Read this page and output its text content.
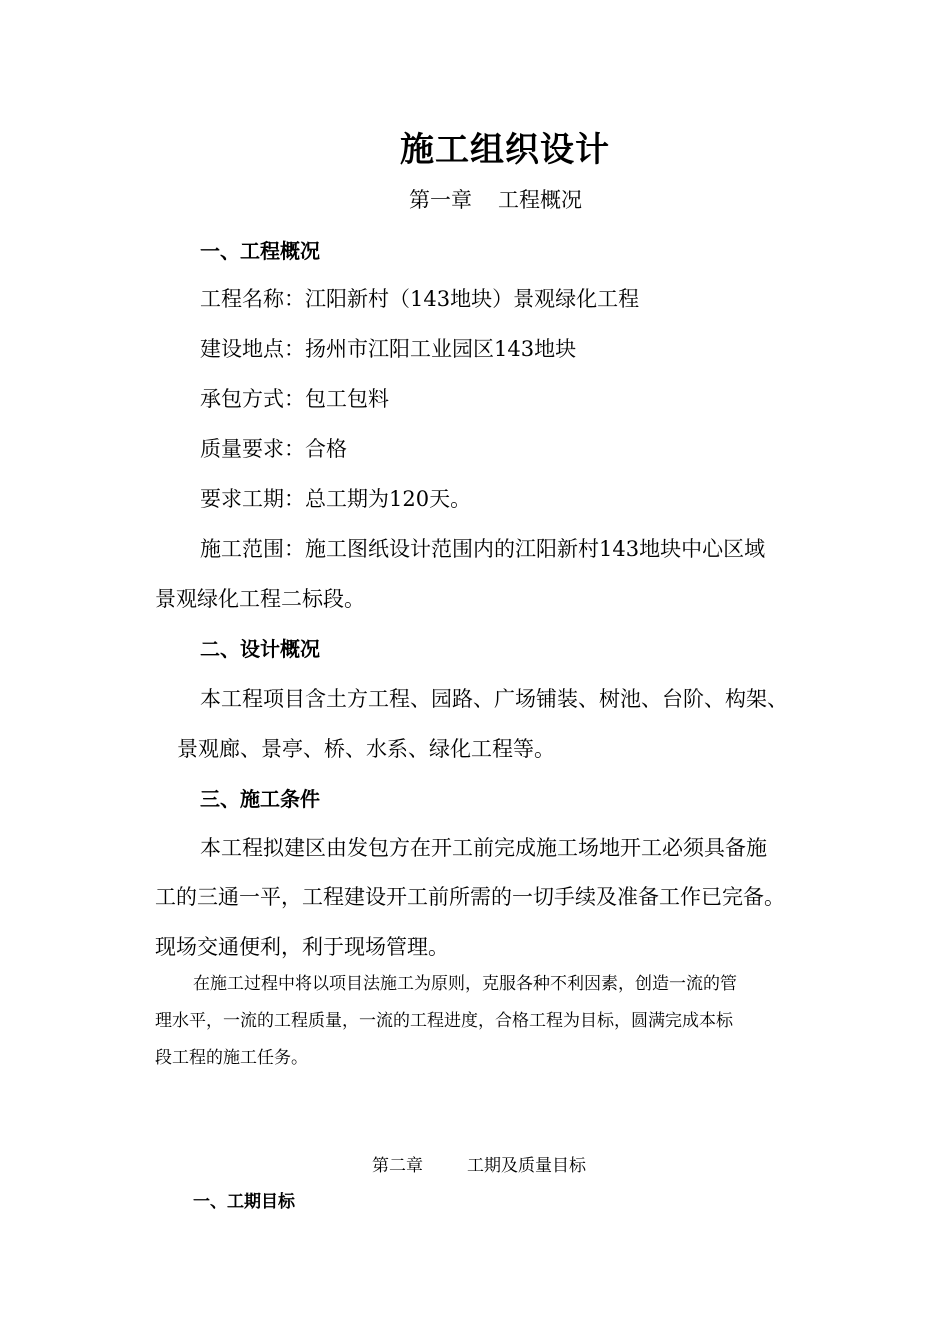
施工组织设计
第一章 工程概况
一、工程概况
工程名称：江阳新村（143地块）景观绿化工程
建设地点：扬州市江阳工业园区143地块
承包方式：包工包料
质量要求：合格
要求工期：总工期为120天。
施工范围：施工图纸设计范围内的江阳新村143地块中心区域
景观绿化工程二标段。
二、设计概况
本工程项目含土方工程、园路、广场铺装、树池、台阶、构架、
景观廊、景亭、桥、水系、绿化工程等。
三、施工条件
本工程拟建区由发包方在开工前完成施工场地开工必须具备施
工的三通一平，工程建设开工前所需的一切手续及准备工作已完备。
现场交通便利，利于现场管理。
在施工过程中将以项目法施工为原则，克服各种不利因素，创造一流的管
理水平，一流的工程质量，一流的工程进度，合格工程为目标，圆满完成本标
段工程的施工任务。
第二章	工期及质量目标
一、工期目标
